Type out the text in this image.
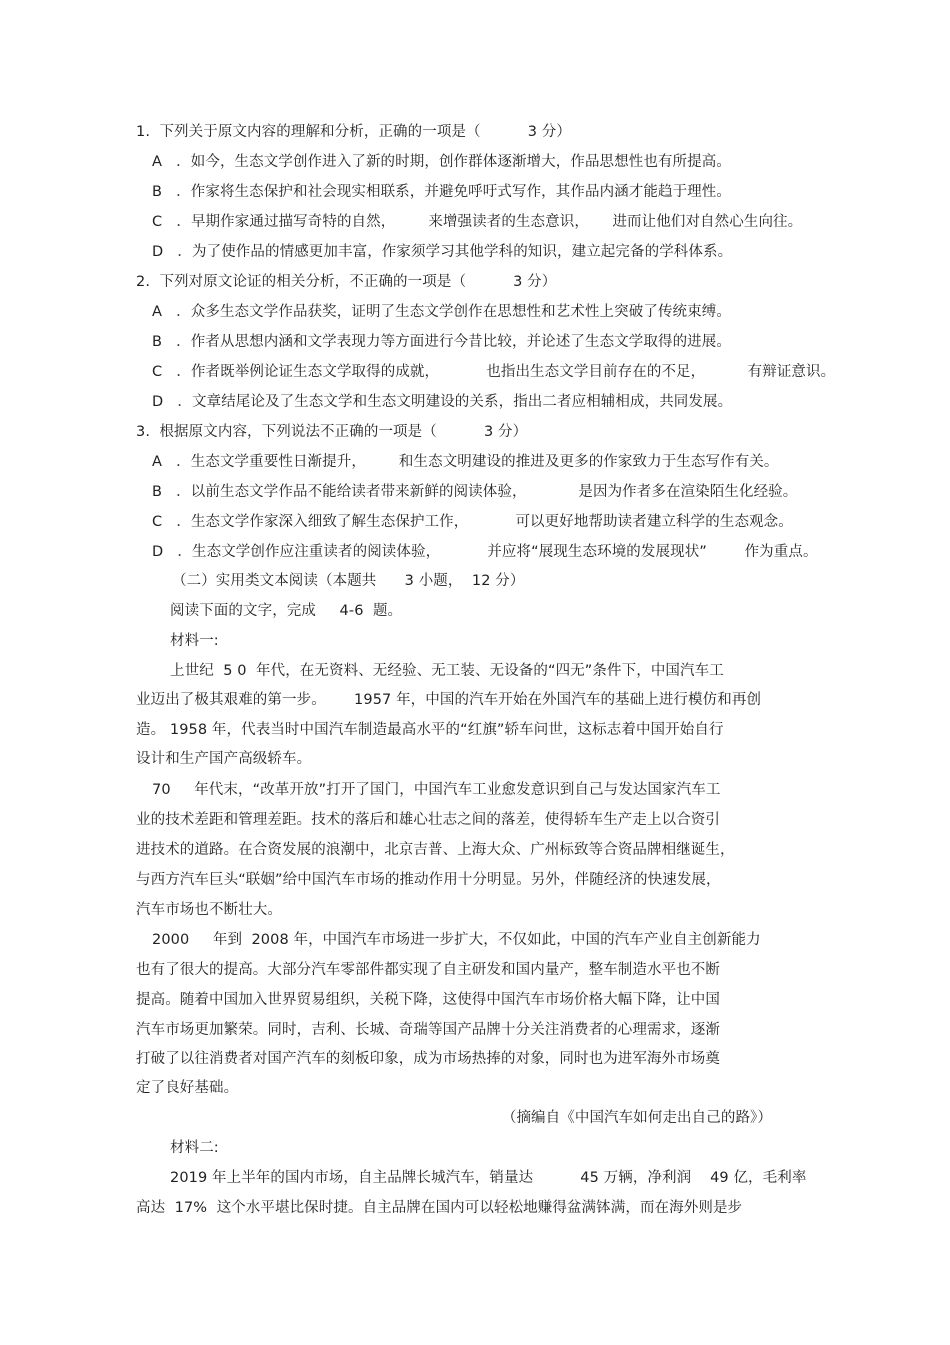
1.  下列关于原文内容的理解和分析，正确的一项是（          3 分）
A   ．如今，生态文学创作进入了新的时期，创作群体逐渐增大，作品思想性也有所提高。
B   ．作家将生态保护和社会现实相联系，并避免呼吁式写作，其作品内涵才能趋于理性。
C   ．早期作家通过描写奇特的自然，       来增强读者的生态意识，     进而让他们对自然心生向往。
D   ．为了使作品的情感更加丰富，作家须学习其他学科的知识，建立起完备的学科体系。
2.  下列对原文论证的相关分析，不正确的一项是（          3 分）
A   ．众多生态文学作品获奖，证明了生态文学创作在思想性和艺术性上突破了传统束缚。
B   ．作者从思想内涵和文学表现力等方面进行今昔比较，并论述了生态文学取得的进展。
C   ．作者既举例论证生态文学取得的成就，          也指出生态文学目前存在的不足，         有辩证意识。
D   ．文章结尾论及了生态文学和生态文明建设的关系，指出二者应相辅相成，共同发展。
3.  根据原文内容，下列说法不正确的一项是（          3 分）
A   ．生态文学重要性日渐提升，       和生态文明建设的推进及更多的作家致力于生态写作有关。
B   ．以前生态文学作品不能给读者带来新鲜的阅读体验，           是因为作者多在渲染陌生化经验。
C   ．生态文学作家深入细致了解生态保护工作，          可以更好地帮助读者建立科学的生态观念。
D   ．生态文学创作应注重读者的阅读体验，          并应将“展现生态环境的发展现状”        作为重点。
（二）实用类文本阅读（本题共      3 小题，  12 分）
阅读下面的文字，完成     4-6  题。
材料一:
上世纪  5 0  年代，在无资料、无经验、无工装、无设备的“四无”条件下，中国汽车工
业迈出了极其艰难的第一步。      1957 年，中国的汽车开始在外国汽车的基础上进行模仿和再创
造。 1958 年，代表当时中国汽车制造最高水平的“红旗”轿车问世，这标志着中国开始自行
设计和生产国产高级轿车。
70     年代末，“改革开放”打开了国门，中国汽车工业愈发意识到自己与发达国家汽车工
业的技术差距和管理差距。技术的落后和雄心壮志之间的落差，使得轿车生产走上以合资引
进技术的道路。在合资发展的浪潮中，北京吉普、上海大众、广州标致等合资品牌相继诞生，
与西方汽车巨头“联姻”给中国汽车市场的推动作用十分明显。另外，伴随经济的快速发展，
汽车市场也不断壮大。
2000     年到  2008 年，中国汽车市场进一步扩大，不仅如此，中国的汽车产业自主创新能力
也有了很大的提高。大部分汽车零部件都实现了自主研发和国内量产，整车制造水平也不断
提高。随着中国加入世界贸易组织，关税下降，这使得中国汽车市场价格大幅下降，让中国
汽车市场更加繁荣。同时，吉利、长城、奇瑞等国产品牌十分关注消费者的心理需求，逐渐
打破了以往消费者对国产汽车的刻板印象，成为市场热捧的对象，同时也为进军海外市场奠
定了良好基础。
（摘编自《中国汽车如何走出自己的路》）
材料二:
2019 年上半年的国内市场，自主品牌长城汽车，销量达          45 万辆，净利润    49 亿，毛利率
高达  17%  这个水平堪比保时捷。自主品牌在国内可以轻松地赚得盆满钵满，而在海外则是步
